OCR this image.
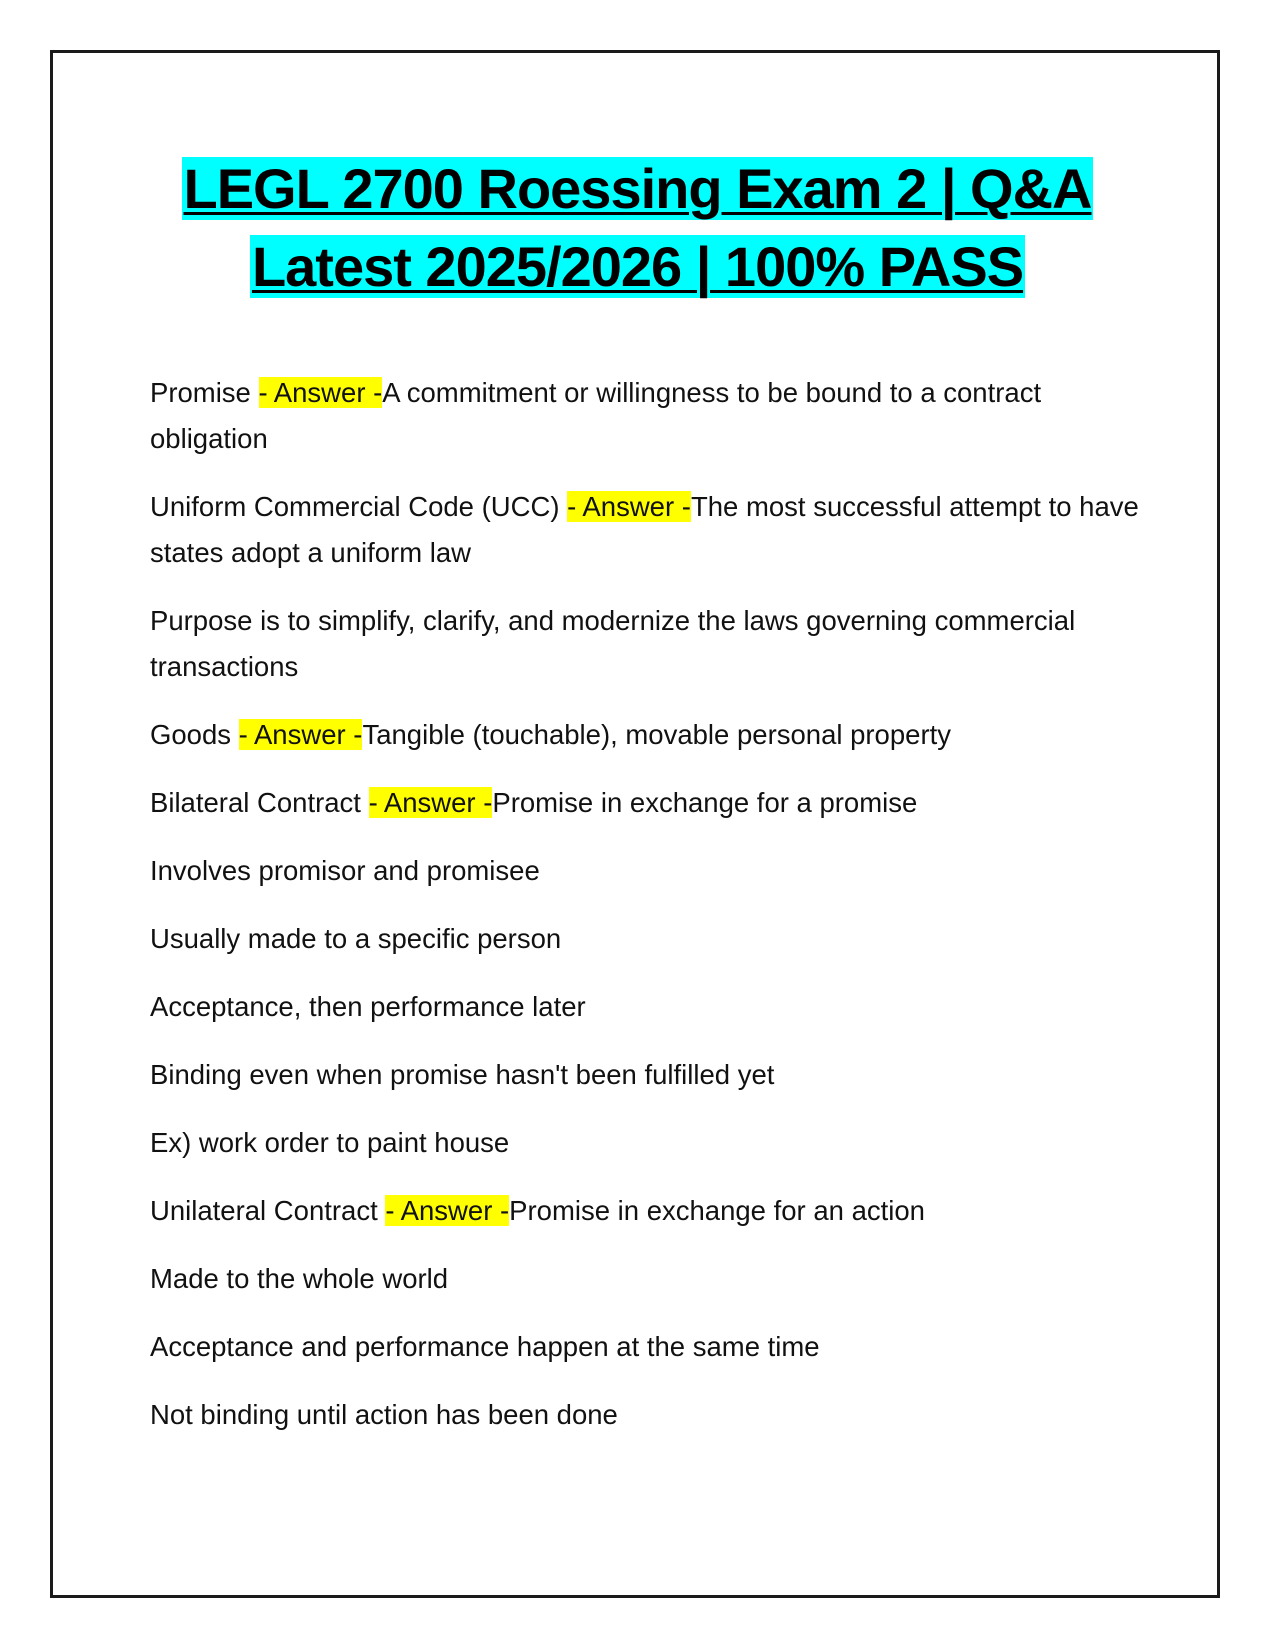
LEGL 2700 Roessing Exam 2 | Q&A
Latest 2025/2026 | 100% PASS

Promise - Answer -A commitment or willingness to be bound to a contract obligation

Uniform Commercial Code (UCC) - Answer -The most successful attempt to have states adopt a uniform law

Purpose is to simplify, clarify, and modernize the laws governing commercial transactions

Goods - Answer -Tangible (touchable), movable personal property

Bilateral Contract - Answer -Promise in exchange for a promise

Involves promisor and promisee

Usually made to a specific person

Acceptance, then performance later

Binding even when promise hasn't been fulfilled yet

Ex) work order to paint house

Unilateral Contract - Answer -Promise in exchange for an action

Made to the whole world

Acceptance and performance happen at the same time

Not binding until action has been done
